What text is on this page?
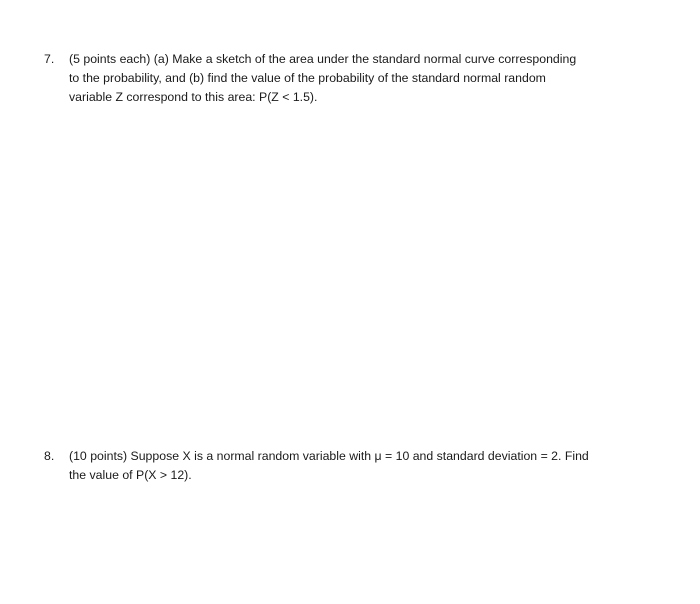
7.	(5 points each) (a) Make a sketch of the area under the standard normal curve corresponding
to the probability, and (b) find the value of the probability of the standard normal random
variable Z correspond to this area: P(Z < 1.5).
8.	(10 points) Suppose X is a normal random variable with μ = 10 and standard deviation = 2. Find
the value of P(X > 12).
